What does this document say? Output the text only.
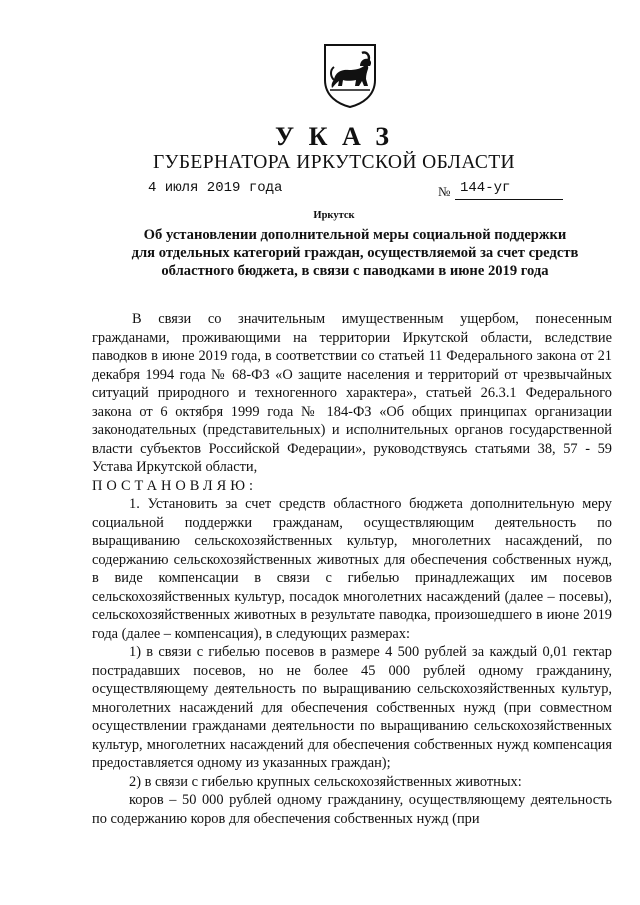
У К А З
ГУБЕРНАТОРА ИРКУТСКОЙ ОБЛАСТИ
4 июля 2019 года	№ 144-уг
Иркутск
Об установлении дополнительной меры социальной поддержки
для отдельных категорий граждан, осуществляемой за счет средств
областного бюджета, в связи с паводками в июне 2019 года

В связи со значительным имущественным ущербом, понесенным гражданами, проживающими на территории Иркутской области, вследствие паводков в июне 2019 года, в соответствии со статьей 11 Федерального закона от 21 декабря 1994 года № 68-ФЗ «О защите населения и территорий от чрезвычайных ситуаций природного и техногенного характера», статьей 26.3.1 Федерального закона от 6 октября 1999 года № 184-ФЗ «Об общих принципах организации законодательных (представительных) и исполнительных органов государственной власти субъектов Российской Федерации», руководствуясь статьями 38, 57 - 59 Устава Иркутской области,

ПОСТАНОВЛЯЮ:

1. Установить за счет средств областного бюджета дополнительную меру социальной поддержки гражданам, осуществляющим деятельность по выращиванию сельскохозяйственных культур, многолетних насаждений, по содержанию сельскохозяйственных животных для обеспечения собственных нужд, в виде компенсации в связи с гибелью принадлежащих им посевов сельскохозяйственных культур, посадок многолетних насаждений (далее – посевы), сельскохозяйственных животных в результате паводка, произошедшего в июне 2019 года (далее – компенсация), в следующих размерах:

1) в связи с гибелью посевов в размере 4 500 рублей за каждый 0,01 гектар пострадавших посевов, но не более 45 000 рублей одному гражданину, осуществляющему деятельность по выращиванию сельскохозяйственных культур, многолетних насаждений для обеспечения собственных нужд (при совместном осуществлении гражданами деятельности по выращиванию сельскохозяйственных культур, многолетних насаждений для обеспечения собственных нужд компенсация предоставляется одному из указанных граждан);

2) в связи с гибелью крупных сельскохозяйственных животных:

коров – 50 000 рублей одному гражданину, осуществляющему деятельность по содержанию коров для обеспечения собственных нужд (при
